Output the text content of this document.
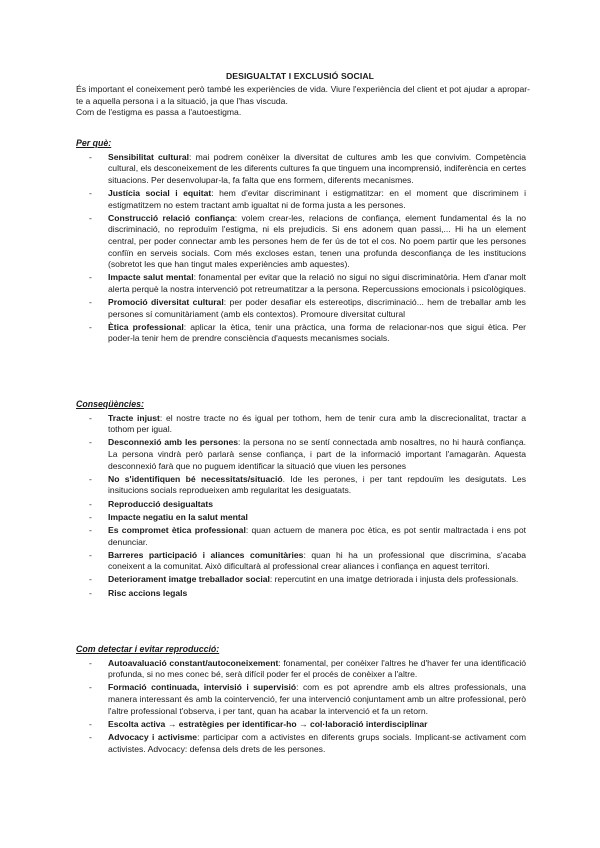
DESIGUALTAT I EXCLUSIÓ SOCIAL

És important el coneixement però també les experiències de vida. Viure l'experiència del client et pot ajudar a apropar-te a aquella persona i a la situació, ja que l'has viscuda.

Com de l'estigma es passa a l'autoestigma.

Per què:
- Sensibilitat cultural: mai podrem conèixer la diversitat de cultures amb les que convivim. Competència cultural, els desconeixement de les diferents cultures fa que tinguem una incomprensió, indiferència en certes situacions. Per desenvolupar-la, fa falta que ens formem, diferents mecanismes.
- Justícia social i equitat: hem d'evitar discriminant i estigmatitzar: en el moment que discriminem i estigmatitzem no estem tractant amb igualtat ni de forma justa a les persones.
- Construcció relació confiança: volem crear-les, relacions de confiança, element fundamental és la no discriminació, no reproduïm l'estigma, ni els prejudicis. Si ens adonem quan passi,... Hi ha un element central, per poder connectar amb les persones hem de fer ús de tot el cos. No poem partir que les persones confiïn en serveis socials. Com més excloses estan, tenen una profunda desconfiança de les institucions (sobretot les que han tingut males experiències amb aquestes).
- Impacte salut mental: fonamental per evitar que la relació no sigui no sigui discriminatòria. Hem d'anar molt alerta perquè la nostra intervenció pot retreumatitzar a la persona. Repercussions emocionals i psicològiques.
- Promoció diversitat cultural: per poder desafiar els estereotips, discriminació... hem de treballar amb les persones sí comunitàriament (amb els contextos). Promoure diversitat cultural
- Ètica professional: aplicar la ètica, tenir una pràctica, una forma de relacionar-nos que sigui ètica. Per poder-la tenir hem de prendre consciència d'aquests mecanismes socials.
Conseqüències:
- Tracte injust: el nostre tracte no és igual per tothom, hem de tenir cura amb la discrecionalitat, tractar a tothom per igual.
- Desconnexió amb les persones: la persona no se sentí connectada amb nosaltres, no hi haurà confiança. La persona vindrà però parlarà sense confiança, i part de la informació important l'amagaràn. Aquesta desconnexió farà que no puguem identificar la situació que viuen les persones
- No s'identifiquen bé necessitats/situació. Ide les perones, i per tant repdouïm les desigutats. Les insitucions socials reprodueixen amb regularitat les desiguatats.
- Reproducció desigualtats
- Impacte negatiu en la salut mental
- Es compromet ètica professional: quan actuem de manera poc ètica, es pot sentir maltractada i ens pot denunciar.
- Barreres participació i aliances comunitàries: quan hi ha un professional que discrimina, s'acaba coneixent a la comunitat. Això dificultarà al professional crear aliances i confiança en aquest territori.
- Deteriorament imatge treballador social: repercutint en una imatge detriorada i injusta dels professionals.
- Risc accions legals
Com detectar i evitar reproducció:
- Autoavaluació constant/autoconeixement: fonamental, per conèixer l'altres he d'haver fer una identificació profunda, si no mes conec bé, serà difícil poder fer el procés de conèixer a l'altre.
- Formació continuada, intervisió i supervisió: com es pot aprendre amb els altres professionals, una manera interessant és amb la cointervenció, fer una intervenció conjuntament amb un altre professional, però l'altre professional t'observa, i per tant, quan ha acabar la intervenció et fa un retorn.
- Escolta activa → estratègies per identificar-ho → col·laboració interdisciplinar
- Advocacy i activisme: participar com a activistes en diferents grups socials. Implicant-se activament com activistes. Advocacy: defensa dels drets de les persones.
